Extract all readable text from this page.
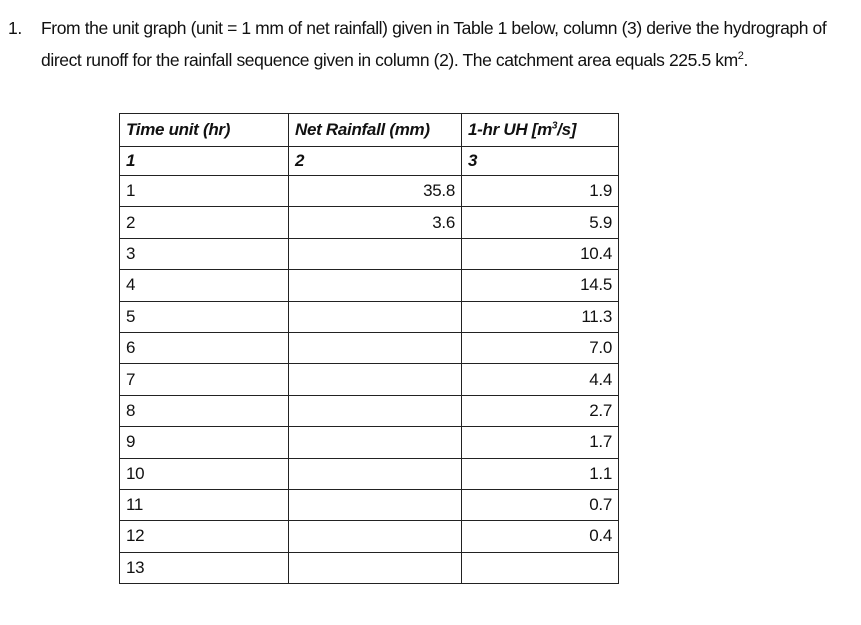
1. From the unit graph (unit = 1 mm of net rainfall) given in Table 1 below, column (3) derive the hydrograph of direct runoff for the rainfall sequence given in column (2). The catchment area equals 225.5 $km^2$.
Time unit (hr)	Net Rainfall (mm)	1-hr UH $[m^3/s]$
1	2	3
1	35.8	1.9
2	3.6	5.9
3		10.4
4		14.5
5		11.3
6		7.0
7		4.4
8		2.7
9		1.7
10		1.1
11		0.7
12		0.4
13		
